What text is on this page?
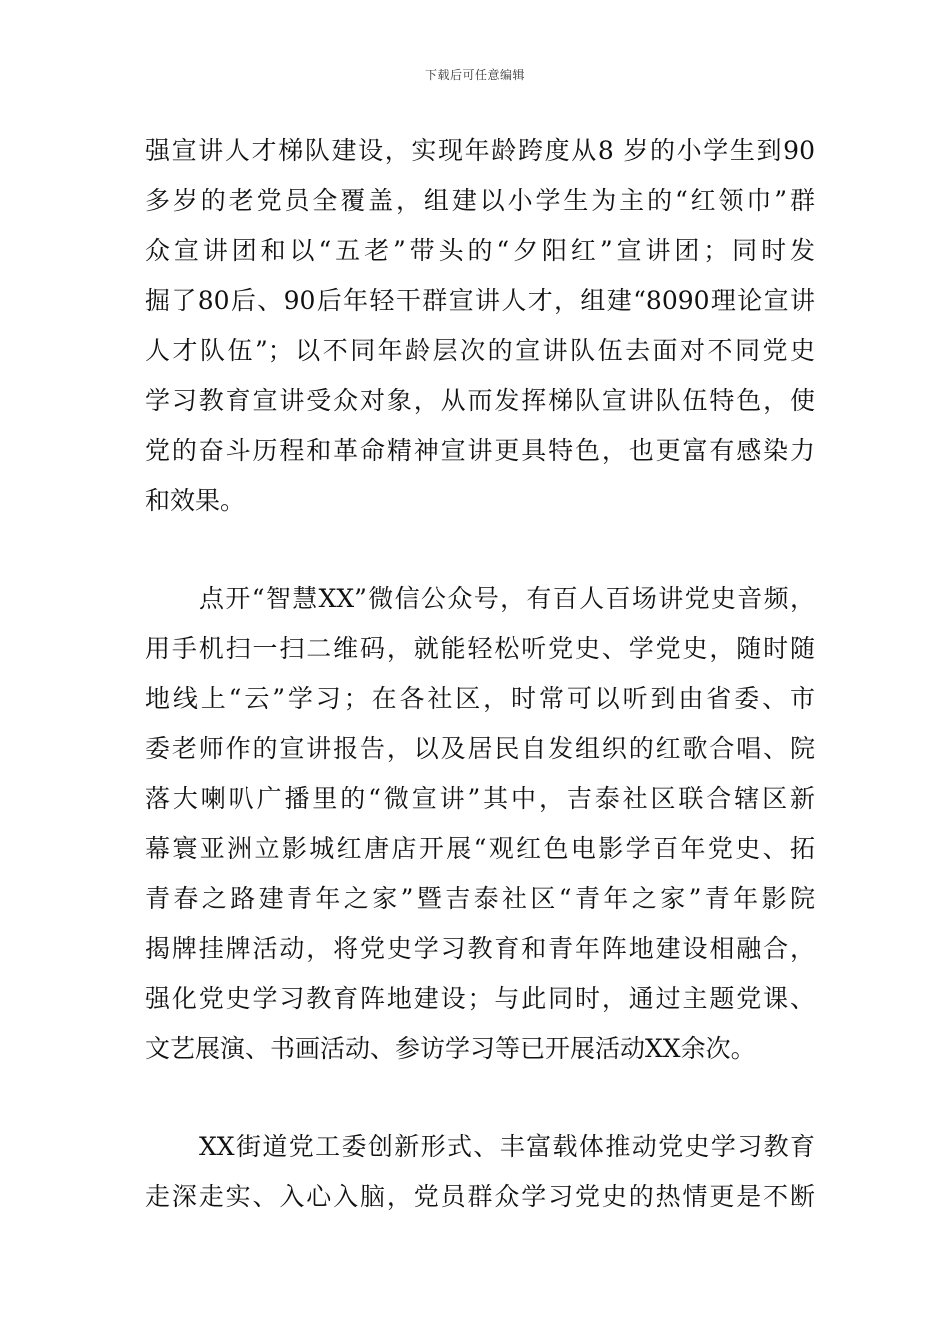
下载后可任意编辑
强宣讲人才梯队建设，实现年龄跨度从8 岁的小学生到90
多岁的老党员全覆盖，组建以小学生为主的“红领巾”群
众宣讲团和以“五老”带头的“夕阳红”宣讲团；同时发
掘了80后、90后年轻干群宣讲人才，组建“8090理论宣讲
人才队伍”；以不同年龄层次的宣讲队伍去面对不同党史
学习教育宣讲受众对象，从而发挥梯队宣讲队伍特色，使
党的奋斗历程和革命精神宣讲更具特色，也更富有感染力
和效果。
点开“智慧XX”微信公众号，有百人百场讲党史音频，
用手机扫一扫二维码，就能轻松听党史、学党史，随时随
地线上“云”学习；在各社区，时常可以听到由省委、市
委老师作的宣讲报告，以及居民自发组织的红歌合唱、院
落大喇叭广播里的“微宣讲”其中，吉泰社区联合辖区新
幕寰亚洲立影城红唐店开展“观红色电影学百年党史、拓
青春之路建青年之家”暨吉泰社区“青年之家”青年影院
揭牌挂牌活动，将党史学习教育和青年阵地建设相融合，
强化党史学习教育阵地建设；与此同时，通过主题党课、
文艺展演、书画活动、参访学习等已开展活动XX余次。
XX街道党工委创新形式、丰富载体推动党史学习教育
走深走实、入心入脑，党员群众学习党史的热情更是不断
